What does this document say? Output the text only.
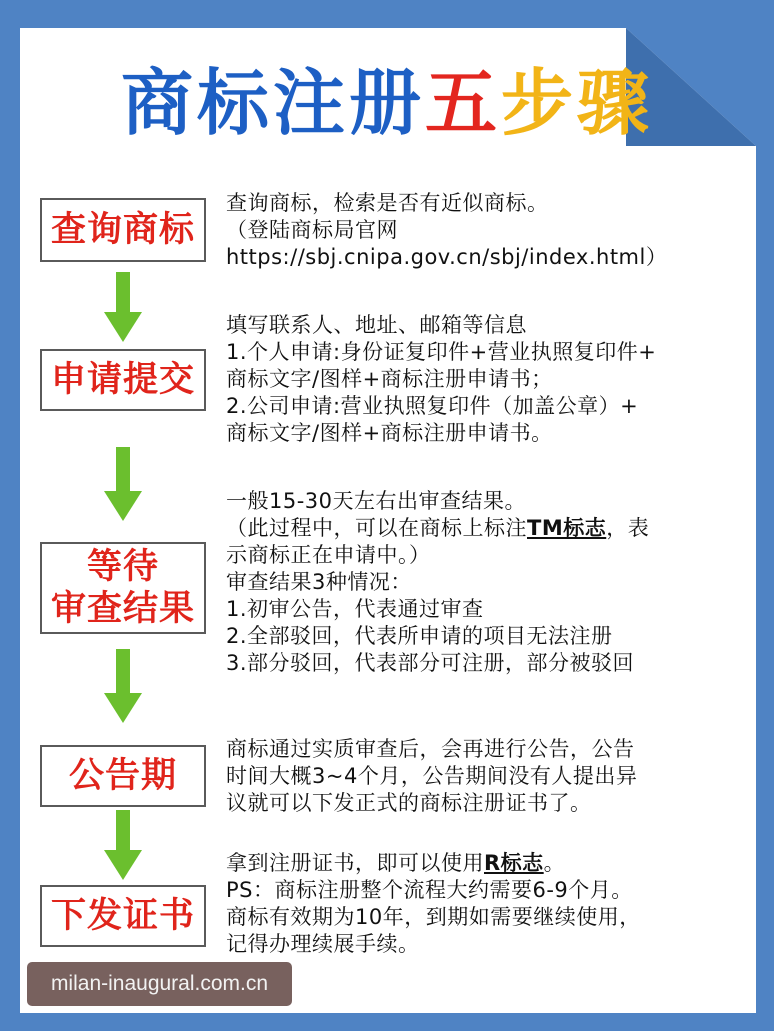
商标注册五步骤
查询商标

查询商标，检索是否有近似商标。

（登陆商标局官网

https://sbj.cnipa.gov.cn/sbj/index.html）

申请提交

填写联系人、地址、邮箱等信息

1.个人申请:身份证复印件+营业执照复印件+

商标文字/图样+商标注册申请书；

2.公司申请:营业执照复印件（加盖公章）+

商标文字/图样+商标注册申请书。

等待
审查结果

一般15-30天左右出审查结果。

（此过程中，可以在商标上标注TM标志，表

示商标正在申请中。）

审查结果3种情况：

1.初审公告，代表通过审查

2.全部驳回，代表所申请的项目无法注册

3.部分驳回，代表部分可注册，部分被驳回

公告期

商标通过实质审查后，会再进行公告，公告

时间大概3~4个月，公告期间没有人提出异

议就可以下发正式的商标注册证书了。

下发证书

拿到注册证书，即可以使用R标志。

PS：商标注册整个流程大约需要6-9个月。

商标有效期为10年，到期如需要继续使用，

记得办理续展手续。

milan-inaugural.com.cn
